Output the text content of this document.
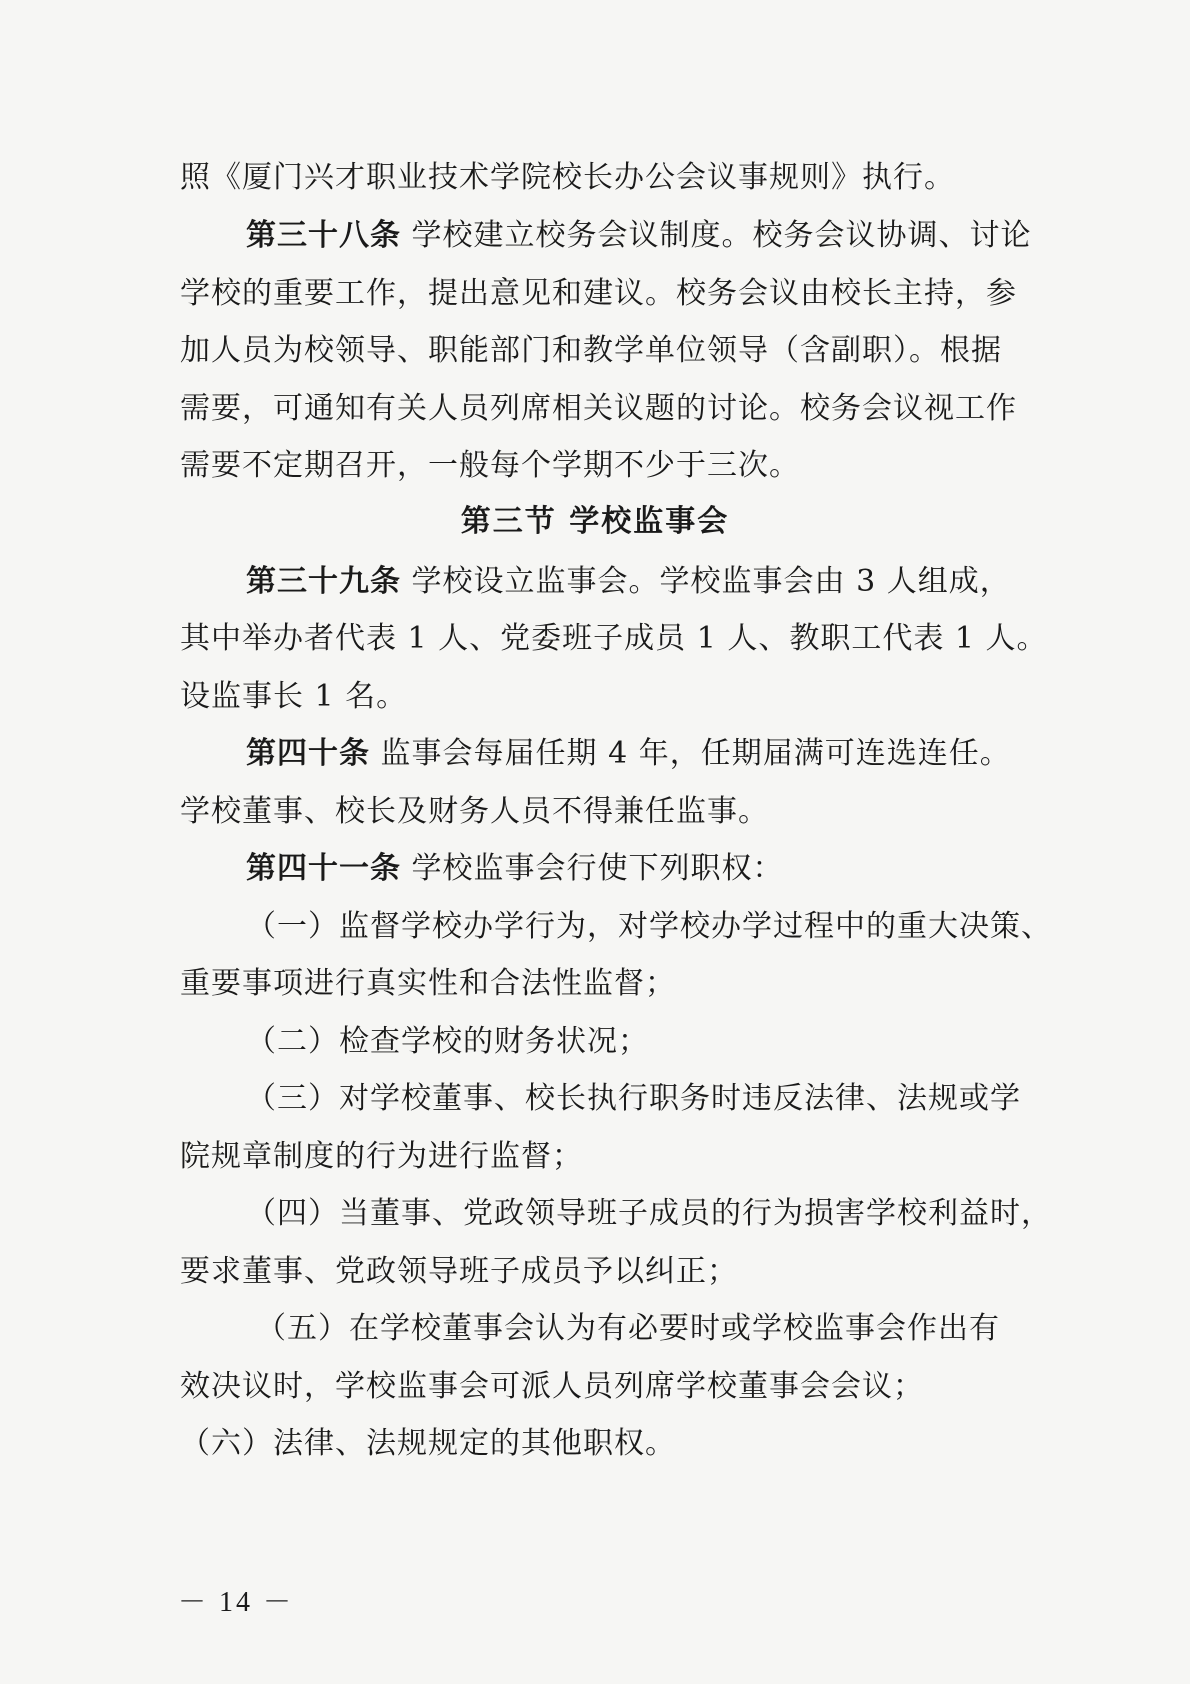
照《厦门兴才职业技术学院校长办公会议事规则》执行。
第三十八条 学校建立校务会议制度。校务会议协调、讨论
学校的重要工作，提出意见和建议。校务会议由校长主持，参
加人员为校领导、职能部门和教学单位领导（含副职）。根据
需要，可通知有关人员列席相关议题的讨论。校务会议视工作
需要不定期召开，一般每个学期不少于三次。
第三节 学校监事会
第三十九条 学校设立监事会。学校监事会由 3 人组成，
其中举办者代表 1 人、党委班子成员 1 人、教职工代表 1 人。
设监事长 1 名。
第四十条 监事会每届任期 4 年，任期届满可连选连任。
学校董事、校长及财务人员不得兼任监事。
第四十一条 学校监事会行使下列职权：
（一）监督学校办学行为，对学校办学过程中的重大决策、
重要事项进行真实性和合法性监督；
（二）检查学校的财务状况；
（三）对学校董事、校长执行职务时违反法律、法规或学
院规章制度的行为进行监督；
（四）当董事、党政领导班子成员的行为损害学校利益时，
要求董事、党政领导班子成员予以纠正；
（五）在学校董事会认为有必要时或学校监事会作出有
效决议时，学校监事会可派人员列席学校董事会会议；
（六）法律、法规规定的其他职权。
－ 14 －
